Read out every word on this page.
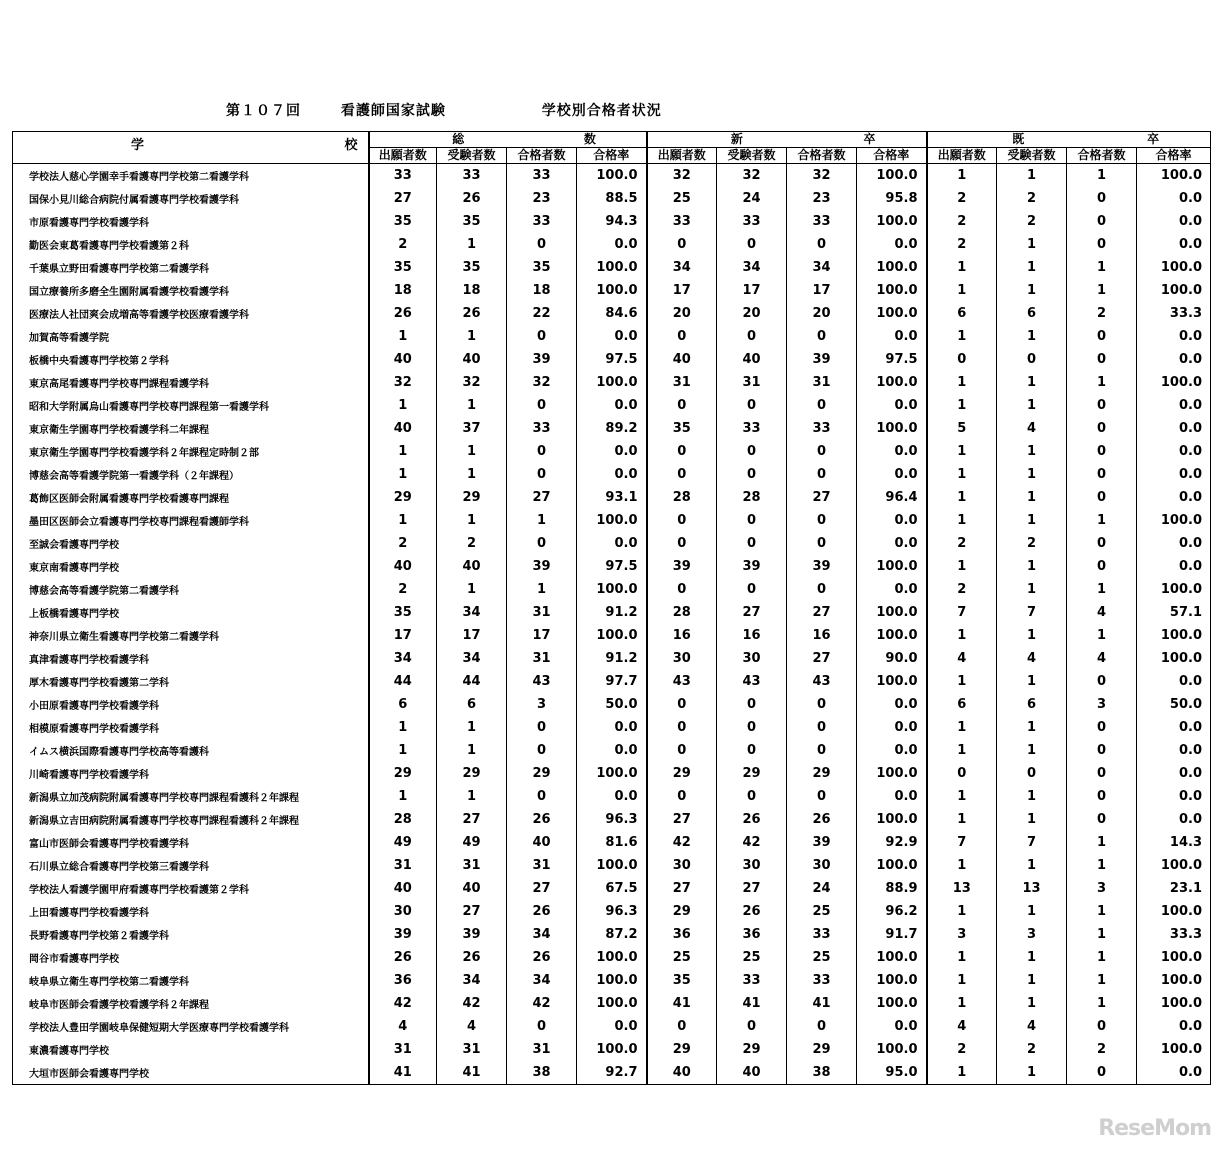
第１０７回	看護師国家試験	学校別合格者状況
学 校	総 数				新 卒				既 卒			

	出願者数	受験者数	合格者数	合格率	出願者数	受験者数	合格者数	合格率	出願者数	受験者数	合格者数	合格率
学校法人慈心学園幸手看護専門学校第二看護学科	33	33	33	100.0	32	32	32	100.0	1	1	1	100.0
国保小見川総合病院付属看護専門学校看護学科	27	26	23	88.5	25	24	23	95.8	2	2	0	0.0
市原看護専門学校看護学科	35	35	33	94.3	33	33	33	100.0	2	2	0	0.0
勤医会東葛看護専門学校看護第２科	2	1	0	0.0	0	0	0	0.0	2	1	0	0.0
千葉県立野田看護専門学校第二看護学科	35	35	35	100.0	34	34	34	100.0	1	1	1	100.0
国立療養所多磨全生園附属看護学校看護学科	18	18	18	100.0	17	17	17	100.0	1	1	1	100.0
医療法人社団爽会成増高等看護学校医療看護学科	26	26	22	84.6	20	20	20	100.0	6	6	2	33.3
加賀高等看護学院	1	1	0	0.0	0	0	0	0.0	1	1	0	0.0
板橋中央看護専門学校第２学科	40	40	39	97.5	40	40	39	97.5	0	0	0	0.0
東京高尾看護専門学校専門課程看護学科	32	32	32	100.0	31	31	31	100.0	1	1	1	100.0
昭和大学附属烏山看護専門学校専門課程第一看護学科	1	1	0	0.0	0	0	0	0.0	1	1	0	0.0
東京衛生学園専門学校看護学科二年課程	40	37	33	89.2	35	33	33	100.0	5	4	0	0.0
東京衛生学園専門学校看護学科２年課程定時制２部	1	1	0	0.0	0	0	0	0.0	1	1	0	0.0
博慈会高等看護学院第一看護学科（２年課程）	1	1	0	0.0	0	0	0	0.0	1	1	0	0.0
葛飾区医師会附属看護専門学校看護専門課程	29	29	27	93.1	28	28	27	96.4	1	1	0	0.0
墨田区医師会立看護専門学校専門課程看護師学科	1	1	1	100.0	0	0	0	0.0	1	1	1	100.0
至誠会看護専門学校	2	2	0	0.0	0	0	0	0.0	2	2	0	0.0
東京南看護専門学校	40	40	39	97.5	39	39	39	100.0	1	1	0	0.0
博慈会高等看護学院第二看護学科	2	1	1	100.0	0	0	0	0.0	2	1	1	100.0
上板橋看護専門学校	35	34	31	91.2	28	27	27	100.0	7	7	4	57.1
神奈川県立衛生看護専門学校第二看護学科	17	17	17	100.0	16	16	16	100.0	1	1	1	100.0
真津看護専門学校看護学科	34	34	31	91.2	30	30	27	90.0	4	4	4	100.0
厚木看護専門学校看護第二学科	44	44	43	97.7	43	43	43	100.0	1	1	0	0.0
小田原看護専門学校看護学科	6	6	3	50.0	0	0	0	0.0	6	6	3	50.0
相模原看護専門学校看護学科	1	1	0	0.0	0	0	0	0.0	1	1	0	0.0
イムス横浜国際看護専門学校高等看護科	1	1	0	0.0	0	0	0	0.0	1	1	0	0.0
川崎看護専門学校看護学科	29	29	29	100.0	29	29	29	100.0	0	0	0	0.0
新潟県立加茂病院附属看護専門学校専門課程看護科２年課程	1	1	0	0.0	0	0	0	0.0	1	1	0	0.0
新潟県立吉田病院附属看護専門学校専門課程看護科２年課程	28	27	26	96.3	27	26	26	100.0	1	1	0	0.0
富山市医師会看護専門学校看護学科	49	49	40	81.6	42	42	39	92.9	7	7	1	14.3
石川県立総合看護専門学校第三看護学科	31	31	31	100.0	30	30	30	100.0	1	1	1	100.0
学校法人看護学園甲府看護専門学校看護第２学科	40	40	27	67.5	27	27	24	88.9	13	13	3	23.1
上田看護専門学校看護学科	30	27	26	96.3	29	26	25	96.2	1	1	1	100.0
長野看護専門学校第２看護学科	39	39	34	87.2	36	36	33	91.7	3	3	1	33.3
岡谷市看護専門学校	26	26	26	100.0	25	25	25	100.0	1	1	1	100.0
岐阜県立衛生専門学校第二看護学科	36	34	34	100.0	35	33	33	100.0	1	1	1	100.0
岐阜市医師会看護学校看護学科２年課程	42	42	42	100.0	41	41	41	100.0	1	1	1	100.0
学校法人豊田学園岐阜保健短期大学医療専門学校看護学科	4	4	0	0.0	0	0	0	0.0	4	4	0	0.0
東濃看護専門学校	31	31	31	100.0	29	29	29	100.0	2	2	2	100.0
大垣市医師会看護専門学校	41	41	38	92.7	40	40	38	95.0	1	1	0	0.0
ReseMom
